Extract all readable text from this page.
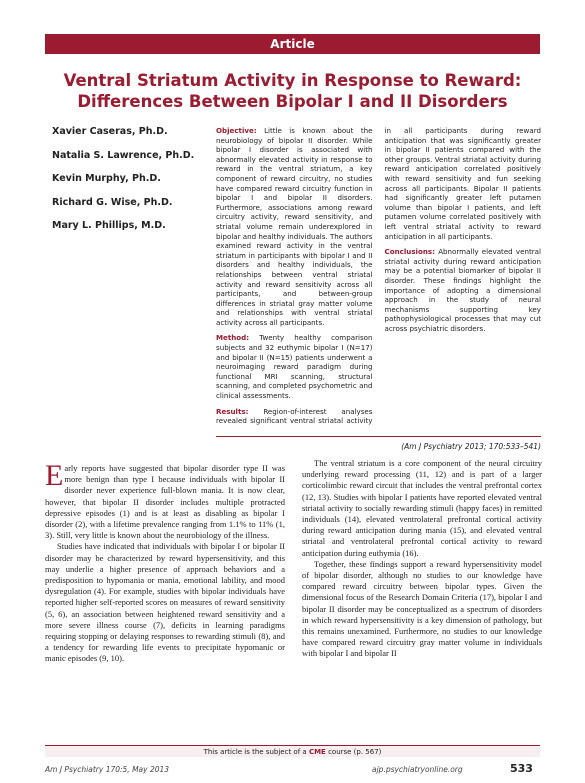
Article
Ventral Striatum Activity in Response to Reward:
Differences Between Bipolar I and II Disorders
Xavier Caseras, Ph.D.
Natalia S. Lawrence, Ph.D.
Kevin Murphy, Ph.D.
Richard G. Wise, Ph.D.
Mary L. Phillips, M.D.

Objective: Little is known about the neurobiology of bipolar II disorder. While bipolar I disorder is associated with abnormally elevated activity in response to reward in the ventral striatum, a key component of reward circuitry, no studies have compared reward circuitry function in bipolar I and bipolar II disorders. Furthermore, associations among reward circuitry activity, reward sensitivity, and striatal volume remain underexplored in bipolar and healthy individuals. The authors examined reward activity in the ventral striatum in participants with bipolar I and II disorders and healthy individuals, the relationships between ventral striatal activity and reward sensitivity across all participants, and between-group differences in striatal gray matter volume and relationships with ventral striatal activity across all participants.

Method: Twenty healthy comparison subjects and 32 euthymic bipolar I (N=17) and bipolar II (N=15) patients underwent a neuroimaging reward paradigm during functional MRI scanning, structural scanning, and completed psychometric and clinical assessments.

Results: Region-of-interest analyses revealed significant ventral striatal activity in all participants during reward anticipation that was significantly greater in bipolar II patients compared with the other groups. Ventral striatal activity during reward anticipation correlated positively with reward sensitivity and fun seeking across all participants. Bipolar II patients had significantly greater left putamen volume than bipolar I patients, and left putamen volume correlated positively with left ventral striatal activity to reward anticipation in all participants.

Conclusions: Abnormally elevated ventral striatal activity during reward anticipation may be a potential biomarker of bipolar II disorder. These findings highlight the importance of adopting a dimensional approach in the study of neural mechanisms supporting key pathophysiological processes that may cut across psychiatric disorders.

(Am J Psychiatry 2013; 170:533–541)

Early reports have suggested that bipolar disorder type II was more benign than type I because individuals with bipolar II disorder never experience full-blown mania. It is now clear, however, that bipolar II disorder includes multiple protracted depressive episodes (1) and is at least as disabling as bipolar I disorder (2), with a lifetime prevalence ranging from 1.1% to 11% (1, 3). Still, very little is known about the neurobiology of the illness.

Studies have indicated that individuals with bipolar I or bipolar II disorder may be characterized by reward hypersensitivity, and this may underlie a higher presence of approach behaviors and a predisposition to hypomania or mania, emotional lability, and mood dysregulation (4). For example, studies with bipolar individuals have reported higher self-reported scores on measures of reward sensitivity (5, 6), an association between heightened reward sensitivity and a more severe illness course (7), deficits in learning paradigms requiring stopping or delaying responses to rewarding stimuli (8), and a tendency for rewarding life events to precipitate hypomanic or manic episodes (9, 10).

The ventral striatum is a core component of the neural circuitry underlying reward processing (11, 12) and is part of a larger corticolimbic reward circuit that includes the ventral prefrontal cortex (12, 13). Studies with bipolar I patients have reported elevated ventral striatal activity to socially rewarding stimuli (happy faces) in remitted individuals (14), elevated ventrolateral prefrontal cortical activity during reward anticipation during mania (15), and elevated ventral striatal and ventrolateral prefrontal cortical activity to reward anticipation during euthymia (16).

Together, these findings support a reward hypersensitivity model of bipolar disorder, although no studies to our knowledge have compared reward circuitry between bipolar types. Given the dimensional focus of the Research Domain Criteria (17), bipolar I and bipolar II disorder may be conceptualized as a spectrum of disorders in which reward hypersensitivity is a key dimension of pathology, but this remains unexamined. Furthermore, no studies to our knowledge have compared reward circuitry gray matter volume in individuals with bipolar I and bipolar II

This article is the subject of a CME course (p. 567)
Am J Psychiatry 170:5, May 2013	ajp.psychiatryonline.org	533
